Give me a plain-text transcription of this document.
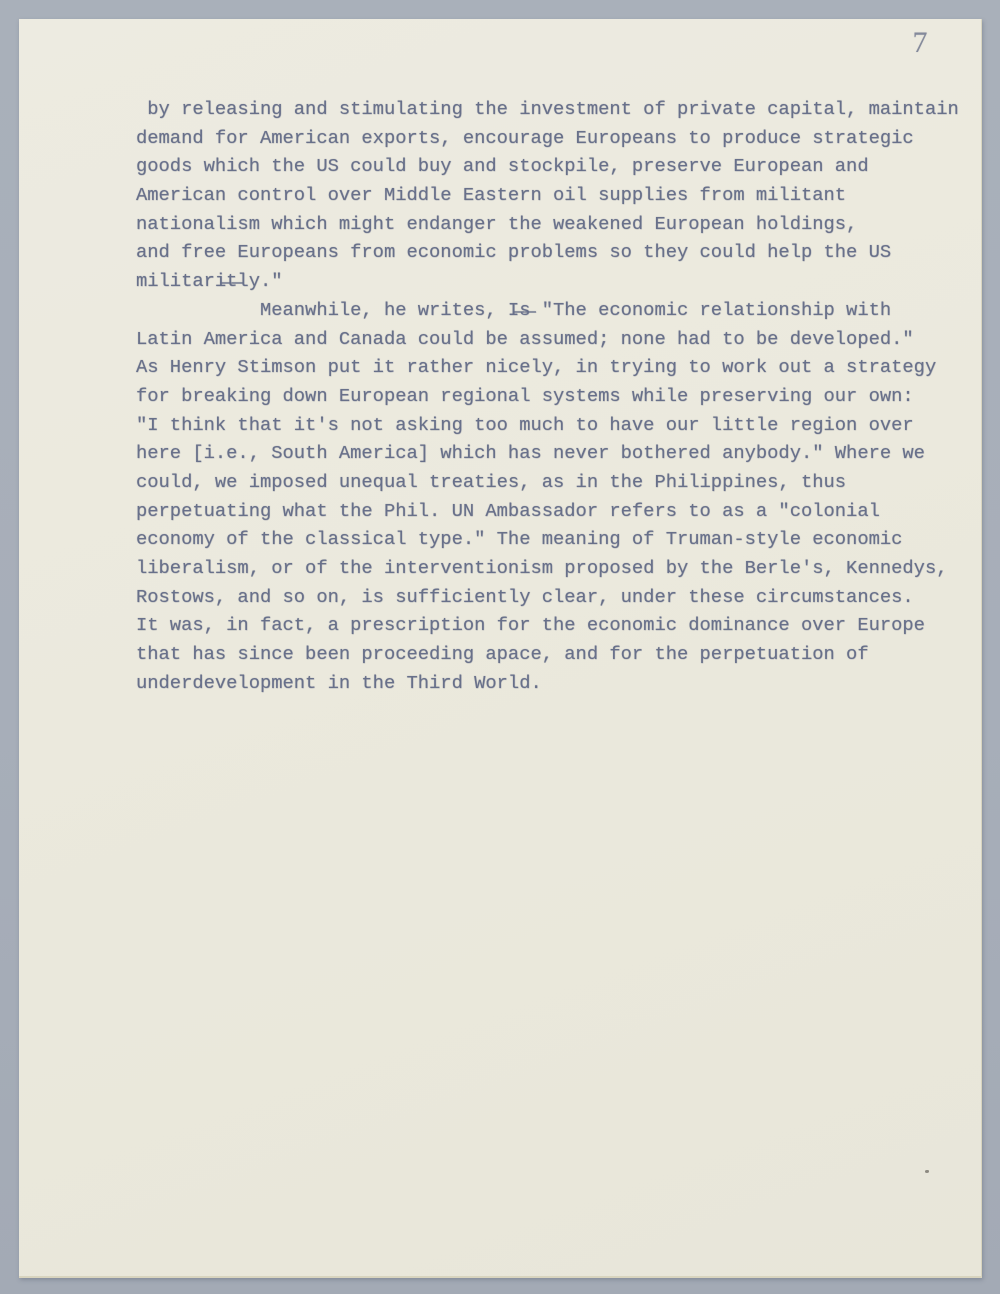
7
by releasing and stimulating the investment of private capital, maintain
demand for American exports, encourage Europeans to produce strategic
goods which the US could buy and stockpile, preserve European and
American control over Middle Eastern oil supplies from militant
nationalism which might endanger the weakened European holdings,
and free Europeans from economic problems so they could help the US
militari̶t̶ly."
Meanwhile, he writes, I̶s̶ "The economic relationship with
Latin America and Canada could be assumed; none had to be developed."
As Henry Stimson put it rather nicely, in trying to work out a strategy
for breaking down European regional systems while preserving our own:
"I think that it's not asking too much to have our little region over
here [i.e., South America] which has never bothered anybody." Where we
could, we imposed unequal treaties, as in the Philippines, thus
perpetuating what the Phil. UN Ambassador refers to as a "colonial
economy of the classical type." The meaning of Truman-style economic
liberalism, or of the interventionism proposed by the Berle's, Kennedys,
Rostows, and so on, is sufficiently clear, under these circumstances.
It was, in fact, a prescription for the economic dominance over Europe
that has since been proceeding apace, and for the perpetuation of
underdevelopment in the Third World.
